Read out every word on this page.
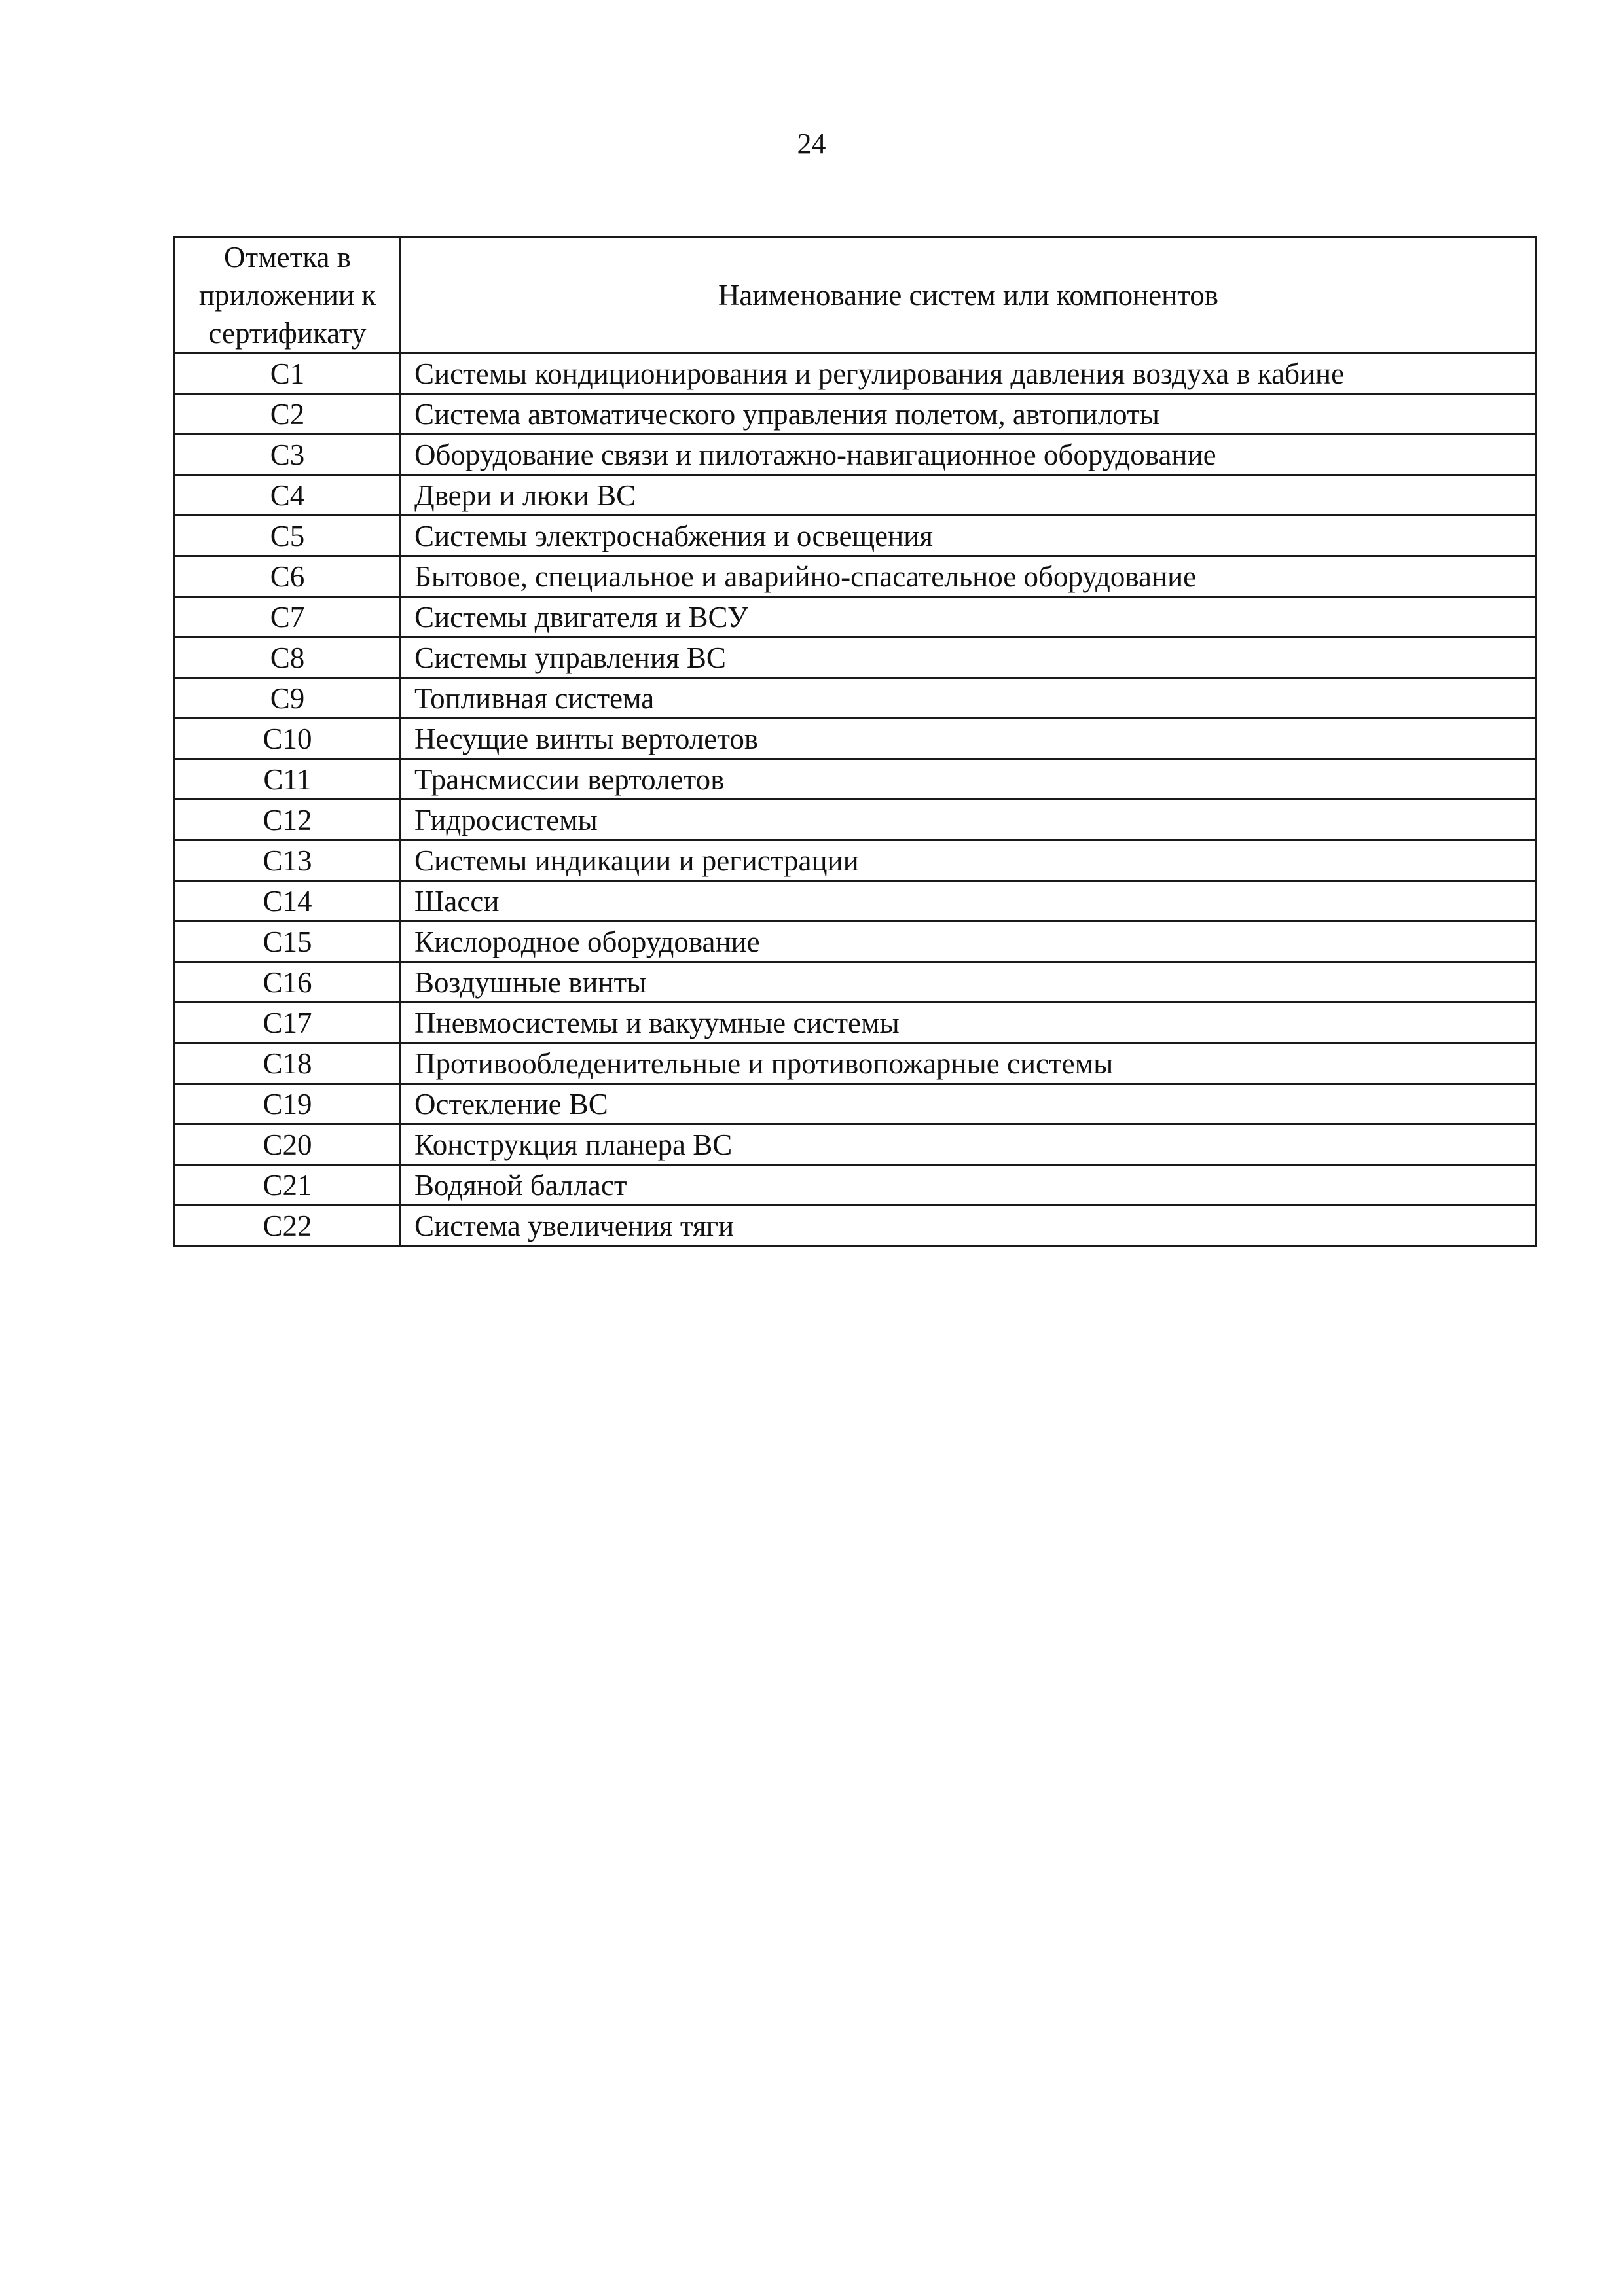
24
Отметка в приложении к сертификату	Наименование систем или компонентов
C1	Системы кондиционирования и регулирования давления воздуха в кабине
C2	Система автоматического управления полетом, автопилоты
C3	Оборудование связи и пилотажно-навигационное оборудование
C4	Двери и люки ВС
C5	Системы электроснабжения и освещения
C6	Бытовое, специальное и аварийно-спасательное оборудование
C7	Системы двигателя и ВСУ
C8	Системы управления ВС
C9	Топливная система
C10	Несущие винты вертолетов
C11	Трансмиссии вертолетов
C12	Гидросистемы
C13	Системы индикации и регистрации
C14	Шасси
C15	Кислородное оборудование
C16	Воздушные винты
C17	Пневмосистемы и вакуумные системы
C18	Противообледенительные и противопожарные системы
C19	Остекление ВС
C20	Конструкция планера ВС
C21	Водяной балласт
C22	Система увеличения тяги
